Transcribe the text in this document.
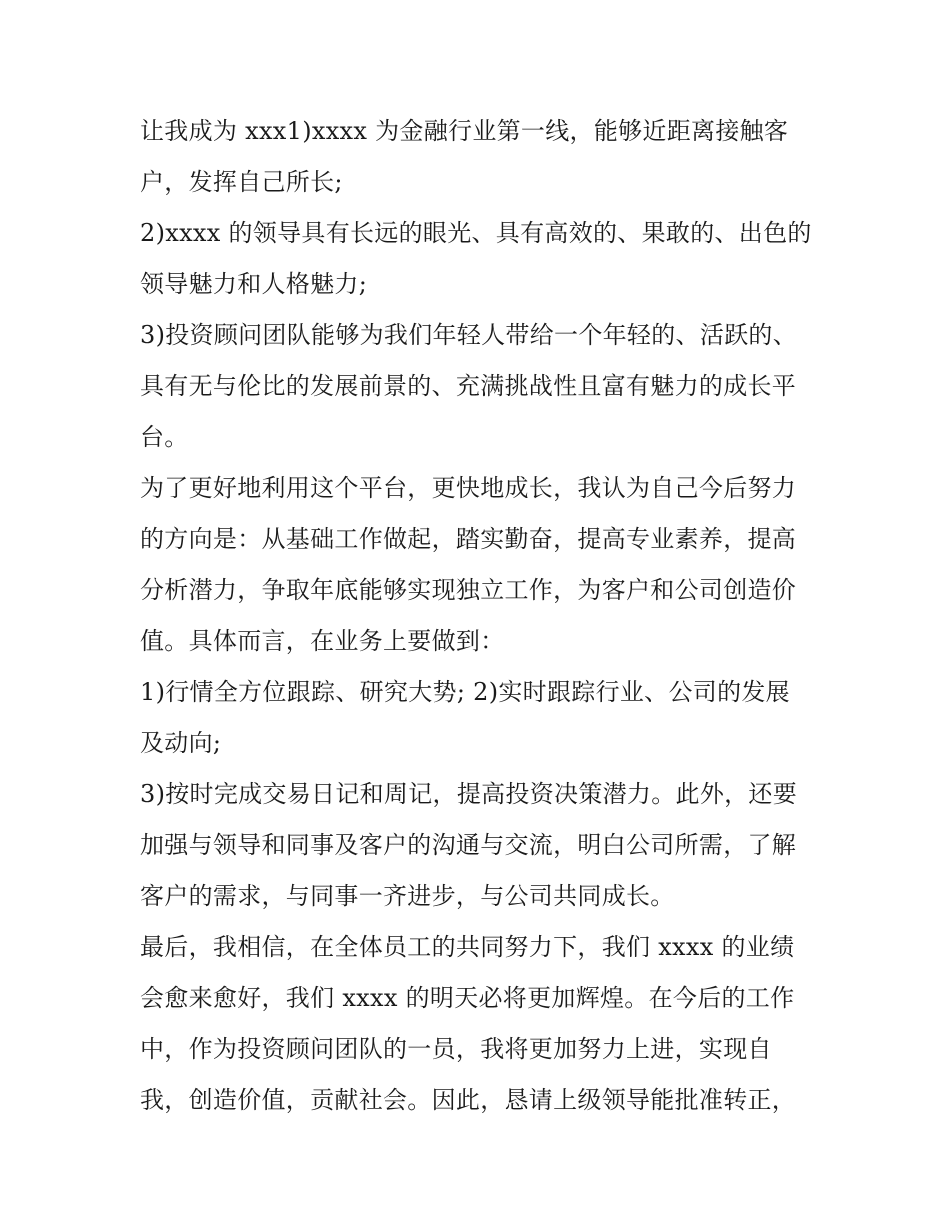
让我成为 xxx1)xxxx 为金融行业第一线，能够近距离接触客
户，发挥自己所长;
2)xxxx 的领导具有长远的眼光、具有高效的、果敢的、出色的
领导魅力和人格魅力;
3)投资顾问团队能够为我们年轻人带给一个年轻的、活跃的、
具有无与伦比的发展前景的、充满挑战性且富有魅力的成长平
台。
为了更好地利用这个平台，更快地成长，我认为自己今后努力
的方向是：从基础工作做起，踏实勤奋，提高专业素养，提高
分析潜力，争取年底能够实现独立工作，为客户和公司创造价
值。具体而言，在业务上要做到：
1)行情全方位跟踪、研究大势; 2)实时跟踪行业、公司的发展
及动向;
3)按时完成交易日记和周记，提高投资决策潜力。此外，还要
加强与领导和同事及客户的沟通与交流，明白公司所需，了解
客户的需求，与同事一齐进步，与公司共同成长。
最后，我相信，在全体员工的共同努力下，我们 xxxx 的业绩
会愈来愈好，我们 xxxx 的明天必将更加辉煌。在今后的工作
中，作为投资顾问团队的一员，我将更加努力上进，实现自
我，创造价值，贡献社会。因此，恳请上级领导能批准转正，
